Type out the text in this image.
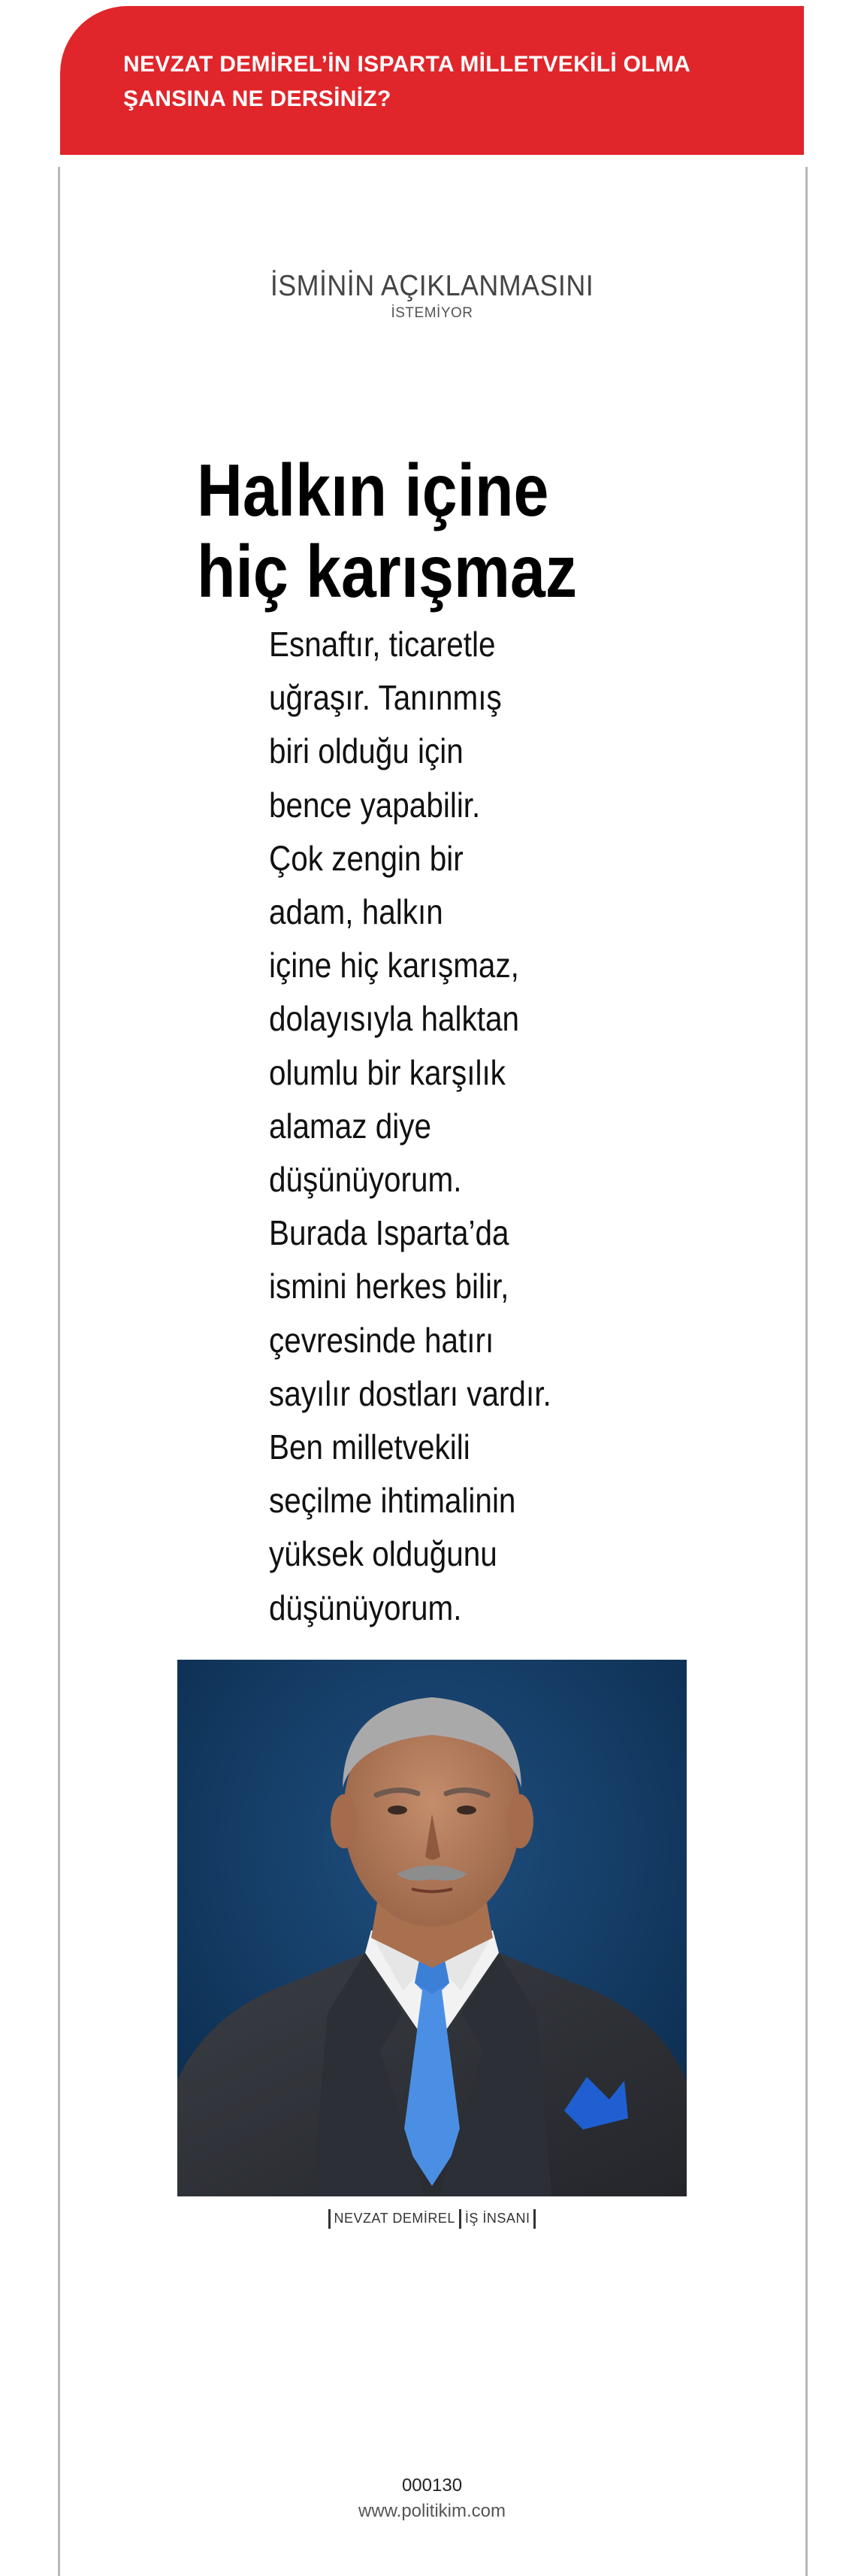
NEVZAT DEMİREL’İN ISPARTA MİLLETVEKİLİ OLMA
ŞANSINA NE DERSİNİZ?
İSMİNİN AÇIKLANMASINI
İSTEMİYOR
Halkın içine
hiç karışmaz
Esnaftır, ticaretle
uğraşır. Tanınmış
biri olduğu için
bence yapabilir.
Çok zengin bir
adam, halkın
içine hiç karışmaz,
dolayısıyla halktan
olumlu bir karşılık
alamaz diye
düşünüyorum.
Burada Isparta’da
ismini herkes bilir,
çevresinde hatırı
sayılır dostları vardır.
Ben milletvekili
seçilme ihtimalinin
yüksek olduğunu
düşünüyorum.
NEVZAT DEMİREL İŞ İNSANI
000130
www.politikim.com
